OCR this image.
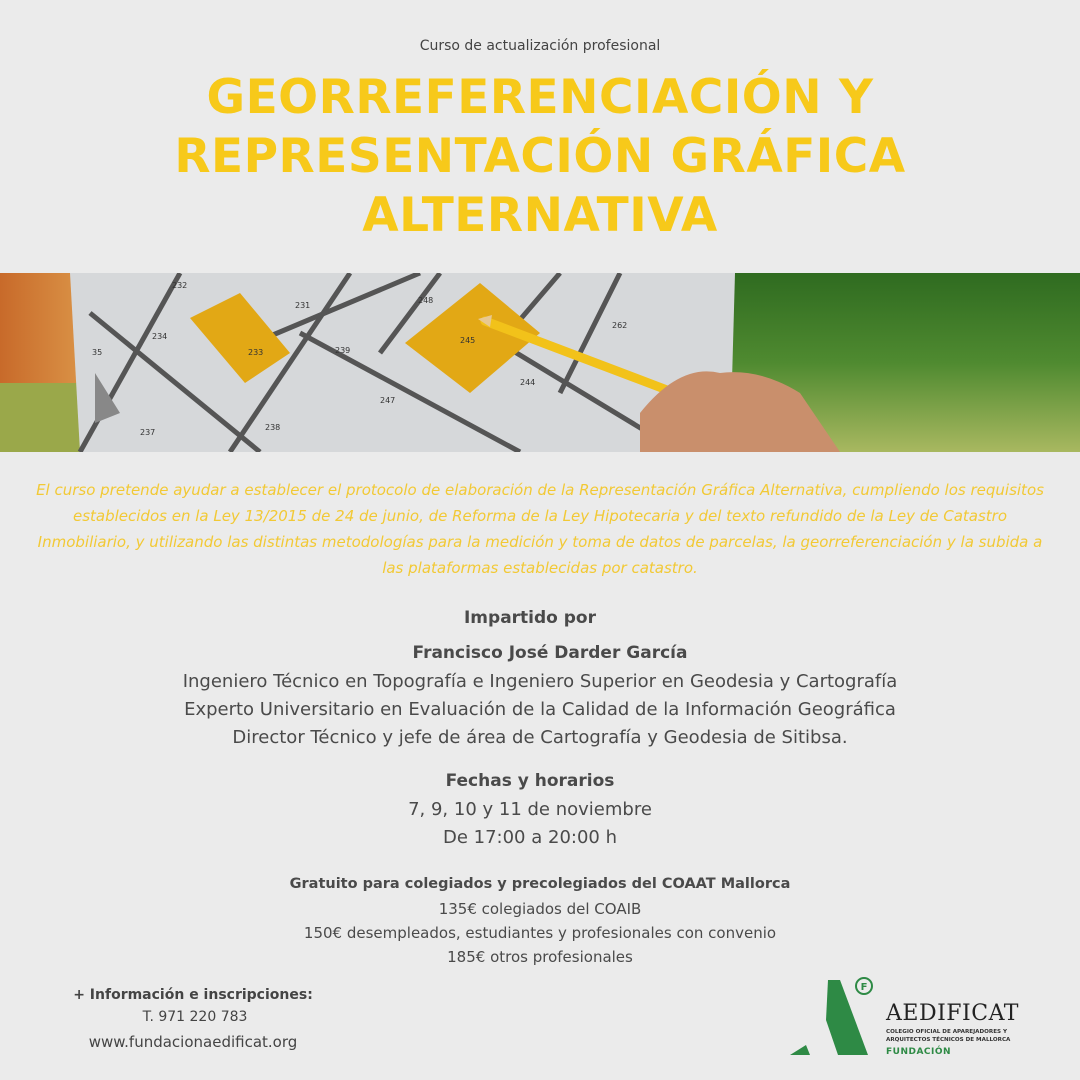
Curso de actualización profesional
GEORREFERENCIACIÓN Y
REPRESENTACIÓN GRÁFICA
ALTERNATIVA
232
231
248
262
234
233	239
245
35
244
247
237
238
El curso pretende ayudar a establecer el protocolo de elaboración de la Representación Gráfica Alternativa, cumpliendo los requisitos establecidos en la Ley 13/2015 de 24 de junio, de Reforma de la Ley Hipotecaria y del texto refundido de la Ley de Catastro Inmobiliario, y utilizando las distintas metodologías para la medición y toma de datos de parcelas, la georreferenciación y la subida a las plataformas establecidas por catastro.
Impartido por
Francisco José Darder García
Ingeniero Técnico en Topografía e Ingeniero Superior en Geodesia y Cartografía
Experto Universitario en Evaluación de la Calidad de la Información Geográfica
Director Técnico y jefe de área de Cartografía y Geodesia de Sitibsa.
Fechas y horarios
7, 9, 10 y 11 de noviembre
De 17:00 a 20:00 h
Gratuito para colegiados y precolegiados del COAAT Mallorca
135€ colegiados del COAIB
150€ desempleados, estudiantes y profesionales con convenio
185€ otros profesionales
+ Información e inscripciones:
T. 971 220 783
www.fundacionaedificat.org
F
AEDIFICAT
COLEGIO OFICIAL DE APAREJADORES Y
ARQUITECTOS TÉCNICOS DE MALLORCA
FUNDACIÓN
